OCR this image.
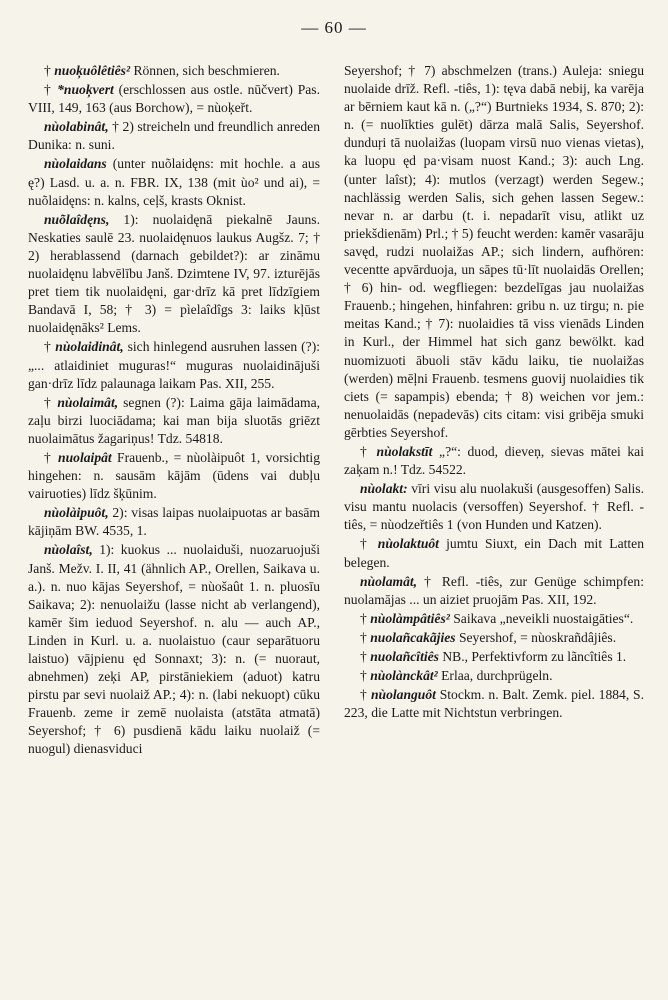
— 60 —

† nuoķuôlêtiês² Rönnen, sich beschmieren.

† *nuoķvert (erschlossen aus ostle. nūčvert) Pas. VIII, 149, 163 (aus Borchow), = nùoķeřt.

nùolabinât, † 2) streicheln und freundlich anreden Dunika: n. suni.

nùolaidans (unter nuõlaidęns: mit hochle. a aus ę?) Lasd. u. a. n. FBR. IX, 138 (mit ùo² und ai), = nuõlaidęns: n. kalns, ceļš, krasts Oknist.

nuõlaîdęns, 1): nuolaidęnā piekalnē Jauns. Neskaties saulē 23. nuolaidęnuos laukus Augšz. 7; † 2) herablassend (darnach gebildet?): ar zināmu nuolaidęnu labvēlību Janš. Dzimtene IV, 97. izturējās pret tiem tik nuolaidęni, gar·drīz kā pret līdzīgiem Bandavā I, 58; † 3) = pìelaîdîgs 3: laiks kļūst nuolaidęnāks² Lems.

† nùolaidinât, sich hinlegend ausruhen lassen (?): „... atlaidiniet muguras!“ muguras nuolaidinājuši gan·drīz līdz palaunaga laikam Pas. XII, 255.

† nùolaimât, segnen (?): Laima gāja laimādama, zaļu birzi luociādama; kai man bija sluotās griēzt nuolaimātus žagariņus! Tdz. 54818.

† nuolaipât Frauenb., = nùolàipuôt 1, vorsichtig hingehen: n. sausām kājām (ūdens vai dubļu vairuoties) līdz šķūnim.

nùolàipuôt, 2): visas laipas nuolaipuotas ar basām kājiņām BW. 4535, 1.

nùolaîst, 1): kuokus ... nuolaiduši, nuozaruojuši Janš. Mežv. I. II, 41 (ähnlich AP., Orellen, Saikava u. a.). n. nuo kājas Seyershof, = nùošaût 1. n. pluosīu Saikava; 2): nenuolaižu (lasse nicht ab verlangend), kamēr šim ieduod Seyershof. n. alu — auch AP., Linden in Kurl. u. a. nuolaistuo (caur separātuoru laistuo) vājpienu ęd Sonnaxt; 3): n. (= nuoraut, abnehmen) zeķi AP, pirstāniekiem (aduot) katru pirstu par sevi nuolaiž AP.; 4): n. (labi nekuopt) cūku Frauenb. zeme ir zemē nuolaista (atstāta atmatā) Seyershof; † 6) pusdienā kādu laiku nuolaiž (= nuogul) dienasviduci

Seyershof; † 7) abschmelzen (trans.) Auleja: sniegu nuolaide drīž. Refl. -tiês, 1): tęva dabā nebij, ka varēja ar bērniem kaut kā n. („?“) Burtnieks 1934, S. 870; 2): n. (= nuolīkties gulēt) dārza malā Salis, Seyershof. dunduŗi tā nuolaižas (luopam virsū nuo vienas vietas), ka luopu ęd pa·visam nuost Kand.; 3): auch Lng. (unter laîst); 4): mutlos (verzagt) werden Segew.; nachlässig werden Salis, sich gehen lassen Segew.: nevar n. ar darbu (t. i. nepadarīt visu, atlikt uz priekšdienām) Prl.; † 5) feucht werden: kamēr vasarāju savęd, rudzi nuolaižas AP.; sich lindern, aufhören: vecentte apvārduoja, un sāpes tū·līt nuolaidās Orellen; † 6) hin- od. wegfliegen: bezdelīgas jau nuolaižas Frauenb.; hingehen, hinfahren: gribu n. uz tirgu; n. pie meitas Kand.; † 7): nuolaidies tā viss vienāds Linden in Kurl., der Himmel hat sich ganz bewölkt. kad nuomizuoti ābuoli stāv kādu laiku, tie nuolaižas (werden) mēļni Frauenb. tesmens guovij nuolaidies tik ciets (= sapampis) ebenda; † 8) weichen vor jem.: nenuolaidās (nepadevās) cits citam: visi gribēja smuki gērbties Seyershof.

† nùolakstīt „?“: duod, dieveņ, sievas mātei kai zaķam n.! Tdz. 54522.

nùolakt: vīri visu alu nuolakuši (ausgesoffen) Salis. visu mantu nuolacis (versoffen) Seyershof. † Refl. -tiês, = nùodzeřtiês 1 (von Hunden und Katzen).

† nùolaktuôt jumtu Siuxt, ein Dach mit Latten belegen.

nùolamât, † Refl. -tiês, zur Genüge schimpfen: nuolamājas ... un aiziet pruojām Pas. XII, 192.

† nùolàmpâtiês² Saikava „neveikli nuostaigāties“.

† nuolañcakãjies Seyershof, = nùoskrañdâjiês.

† nuolañcîtiês NB., Perfektivform zu lãncîtiês 1.

† nùolànckât² Erlaa, durchprügeln.

† nùolanguôt Stockm. n. Balt. Zemk. piel. 1884, S. 223, die Latte mit Nichtstun verbringen.
